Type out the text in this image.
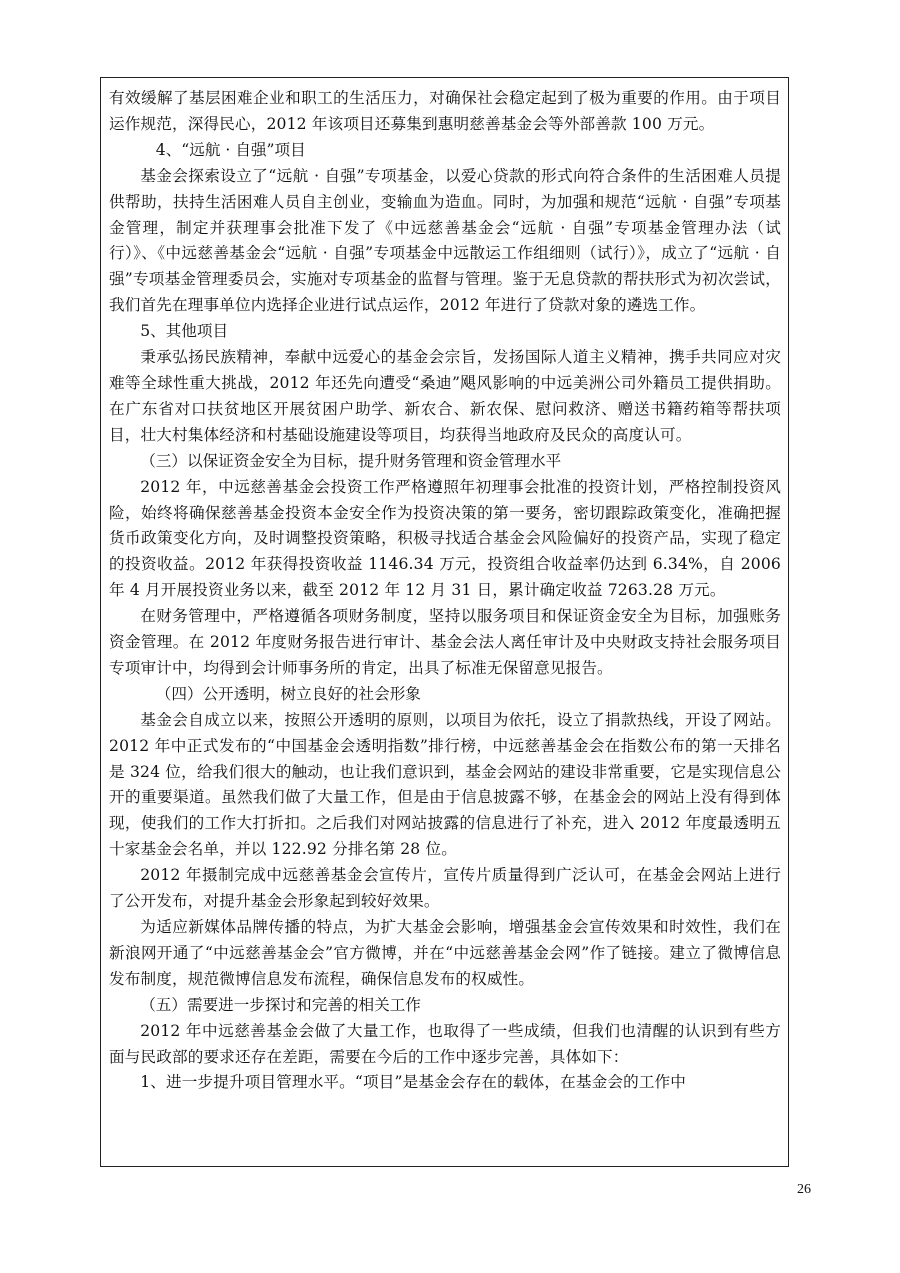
有效缓解了基层困难企业和职工的生活压力，对确保社会稳定起到了极为重要的作用。由于项目运作规范，深得民心，2012 年该项目还募集到惠明慈善基金会等外部善款 100 万元。

4、“远航 · 自强”项目

基金会探索设立了“远航 · 自强”专项基金，以爱心贷款的形式向符合条件的生活困难人员提供帮助，扶持生活困难人员自主创业，变输血为造血。同时，为加强和规范“远航 · 自强”专项基金管理，制定并获理事会批准下发了《中远慈善基金会“远航 · 自强”专项基金管理办法（试行）》、《中远慈善基金会“远航 · 自强”专项基金中远散运工作组细则（试行）》，成立了“远航 · 自强”专项基金管理委员会，实施对专项基金的监督与管理。鉴于无息贷款的帮扶形式为初次尝试，我们首先在理事单位内选择企业进行试点运作，2012 年进行了贷款对象的遴选工作。

5、其他项目

秉承弘扬民族精神，奉献中远爱心的基金会宗旨，发扬国际人道主义精神，携手共同应对灾难等全球性重大挑战，2012 年还先向遭受“桑迪”飓风影响的中远美洲公司外籍员工提供捐助。在广东省对口扶贫地区开展贫困户助学、新农合、新农保、慰问救济、赠送书籍药箱等帮扶项目，壮大村集体经济和村基础设施建设等项目，均获得当地政府及民众的高度认可。

（三）以保证资金安全为目标，提升财务管理和资金管理水平

2012 年，中远慈善基金会投资工作严格遵照年初理事会批准的投资计划，严格控制投资风险，始终将确保慈善基金投资本金安全作为投资决策的第一要务，密切跟踪政策变化，准确把握货币政策变化方向，及时调整投资策略，积极寻找适合基金会风险偏好的投资产品，实现了稳定的投资收益。2012 年获得投资收益 1146.34 万元，投资组合收益率仍达到 6.34%，自 2006 年 4 月开展投资业务以来，截至 2012 年 12 月 31 日，累计确定收益 7263.28 万元。

在财务管理中，严格遵循各项财务制度，坚持以服务项目和保证资金安全为目标，加强账务资金管理。在 2012 年度财务报告进行审计、基金会法人离任审计及中央财政支持社会服务项目专项审计中，均得到会计师事务所的肯定，出具了标准无保留意见报告。

（四）公开透明，树立良好的社会形象

基金会自成立以来，按照公开透明的原则，以项目为依托，设立了捐款热线，开设了网站。2012 年中正式发布的“中国基金会透明指数”排行榜，中远慈善基金会在指数公布的第一天排名是 324 位，给我们很大的触动，也让我们意识到，基金会网站的建设非常重要，它是实现信息公开的重要渠道。虽然我们做了大量工作，但是由于信息披露不够，在基金会的网站上没有得到体现，使我们的工作大打折扣。之后我们对网站披露的信息进行了补充，进入 2012 年度最透明五十家基金会名单，并以 122.92 分排名第 28 位。

2012 年摄制完成中远慈善基金会宣传片，宣传片质量得到广泛认可，在基金会网站上进行了公开发布，对提升基金会形象起到较好效果。

为适应新媒体品牌传播的特点，为扩大基金会影响，增强基金会宣传效果和时效性，我们在新浪网开通了“中远慈善基金会”官方微博，并在“中远慈善基金会网”作了链接。建立了微博信息发布制度，规范微博信息发布流程，确保信息发布的权威性。

（五）需要进一步探讨和完善的相关工作

2012 年中远慈善基金会做了大量工作，也取得了一些成绩，但我们也清醒的认识到有些方面与民政部的要求还存在差距，需要在今后的工作中逐步完善，具体如下：

1、进一步提升项目管理水平。“项目”是基金会存在的载体，在基金会的工作中

26
